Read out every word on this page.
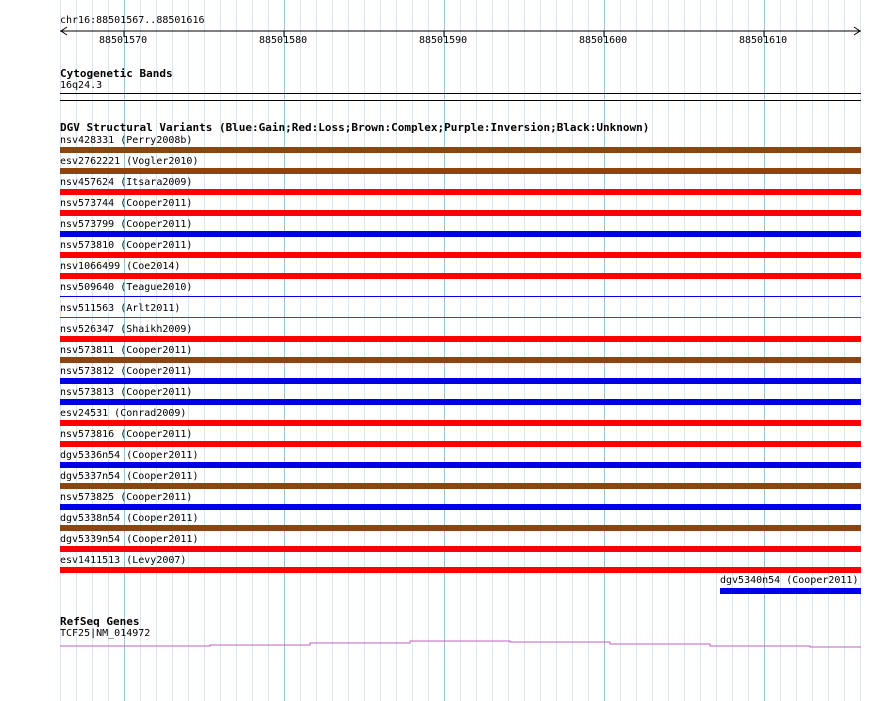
chr16:88501567..88501616
88501570	88501580	88501590	88501600	88501610
Cytogenetic Bands
16q24.3
DGV Structural Variants (Blue:Gain;Red:Loss;Brown:Complex;Purple:Inversion;Black:Unknown)
nsv428331 (Perry2008b)
esv2762221 (Vogler2010)
nsv457624 (Itsara2009)
nsv573744 (Cooper2011)
nsv573799 (Cooper2011)
nsv573810 (Cooper2011)
nsv1066499 (Coe2014)
nsv509640 (Teague2010)
nsv511563 (Arlt2011)
nsv526347 (Shaikh2009)
nsv573811 (Cooper2011)
nsv573812 (Cooper2011)
nsv573813 (Cooper2011)
esv24531 (Conrad2009)
nsv573816 (Cooper2011)
dgv5336n54 (Cooper2011)
dgv5337n54 (Cooper2011)
nsv573825 (Cooper2011)
dgv5338n54 (Cooper2011)
dgv5339n54 (Cooper2011)
esv1411513 (Levy2007)
dgv5340n54 (Cooper2011)
RefSeq Genes
TCF25|NM_014972
